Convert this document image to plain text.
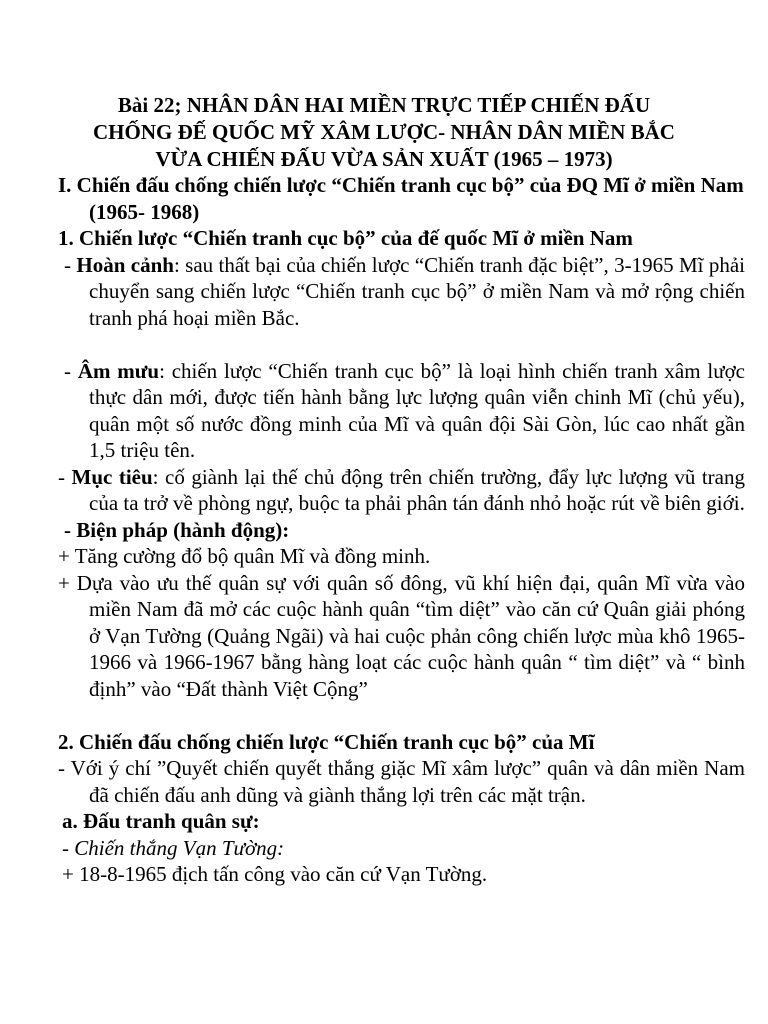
Bài 22; NHÂN DÂN HAI MIỀN TRỰC TIẾP CHIẾN ĐẤU
CHỐNG ĐẾ QUỐC MỸ XÂM LƯỢC- NHÂN DÂN MIỀN BẮC
VỪA CHIẾN ĐẤU VỪA SẢN XUẤT (1965 – 1973)

I. Chiến đấu chống chiến lược “Chiến tranh cục bộ” của ĐQ Mĩ ở miền Nam (1965- 1968)

1. Chiến lược “Chiến tranh cục bộ” của đế quốc Mĩ ở miền Nam

- Hoàn cảnh: sau thất bại của chiến lược “Chiến tranh đặc biệt”, 3-1965 Mĩ phải chuyển sang chiến lược “Chiến tranh cục bộ” ở miền Nam và mở rộng chiến tranh phá hoại miền Bắc.

- Âm mưu: chiến lược “Chiến tranh cục bộ” là loại hình chiến tranh xâm lược thực dân mới, được tiến hành bằng lực lượng quân viễn chinh Mĩ (chủ yếu), quân một số nước đồng minh của Mĩ và quân đội Sài Gòn, lúc cao nhất gần 1,5 triệu tên.

- Mục tiêu: cố giành lại thế chủ động trên chiến trường, đẩy lực lượng vũ trang của ta trở về phòng ngự, buộc ta phải phân tán đánh nhỏ hoặc rút về biên giới.

- Biện pháp (hành động):

+ Tăng cường đổ bộ quân Mĩ và đồng minh.

+ Dựa vào ưu thế quân sự với quân số đông, vũ khí hiện đại, quân Mĩ vừa vào miền Nam đã mở các cuộc hành quân “tìm diệt” vào căn cứ Quân giải phóng ở Vạn Tường (Quảng Ngãi) và hai cuộc phản công chiến lược mùa khô 1965-1966 và 1966-1967 bằng hàng loạt các cuộc hành quân “ tìm diệt” và “ bình định” vào “Đất thành Việt Cộng”

2. Chiến đấu chống chiến lược “Chiến tranh cục bộ” của Mĩ

- Với ý chí ”Quyết chiến quyết thắng giặc Mĩ xâm lược” quân và dân miền Nam đã chiến đấu anh dũng và giành thắng lợi trên các mặt trận.

a. Đấu tranh quân sự:

- Chiến thắng Vạn Tường:

+ 18-8-1965 địch tấn công vào căn cứ Vạn Tường.
